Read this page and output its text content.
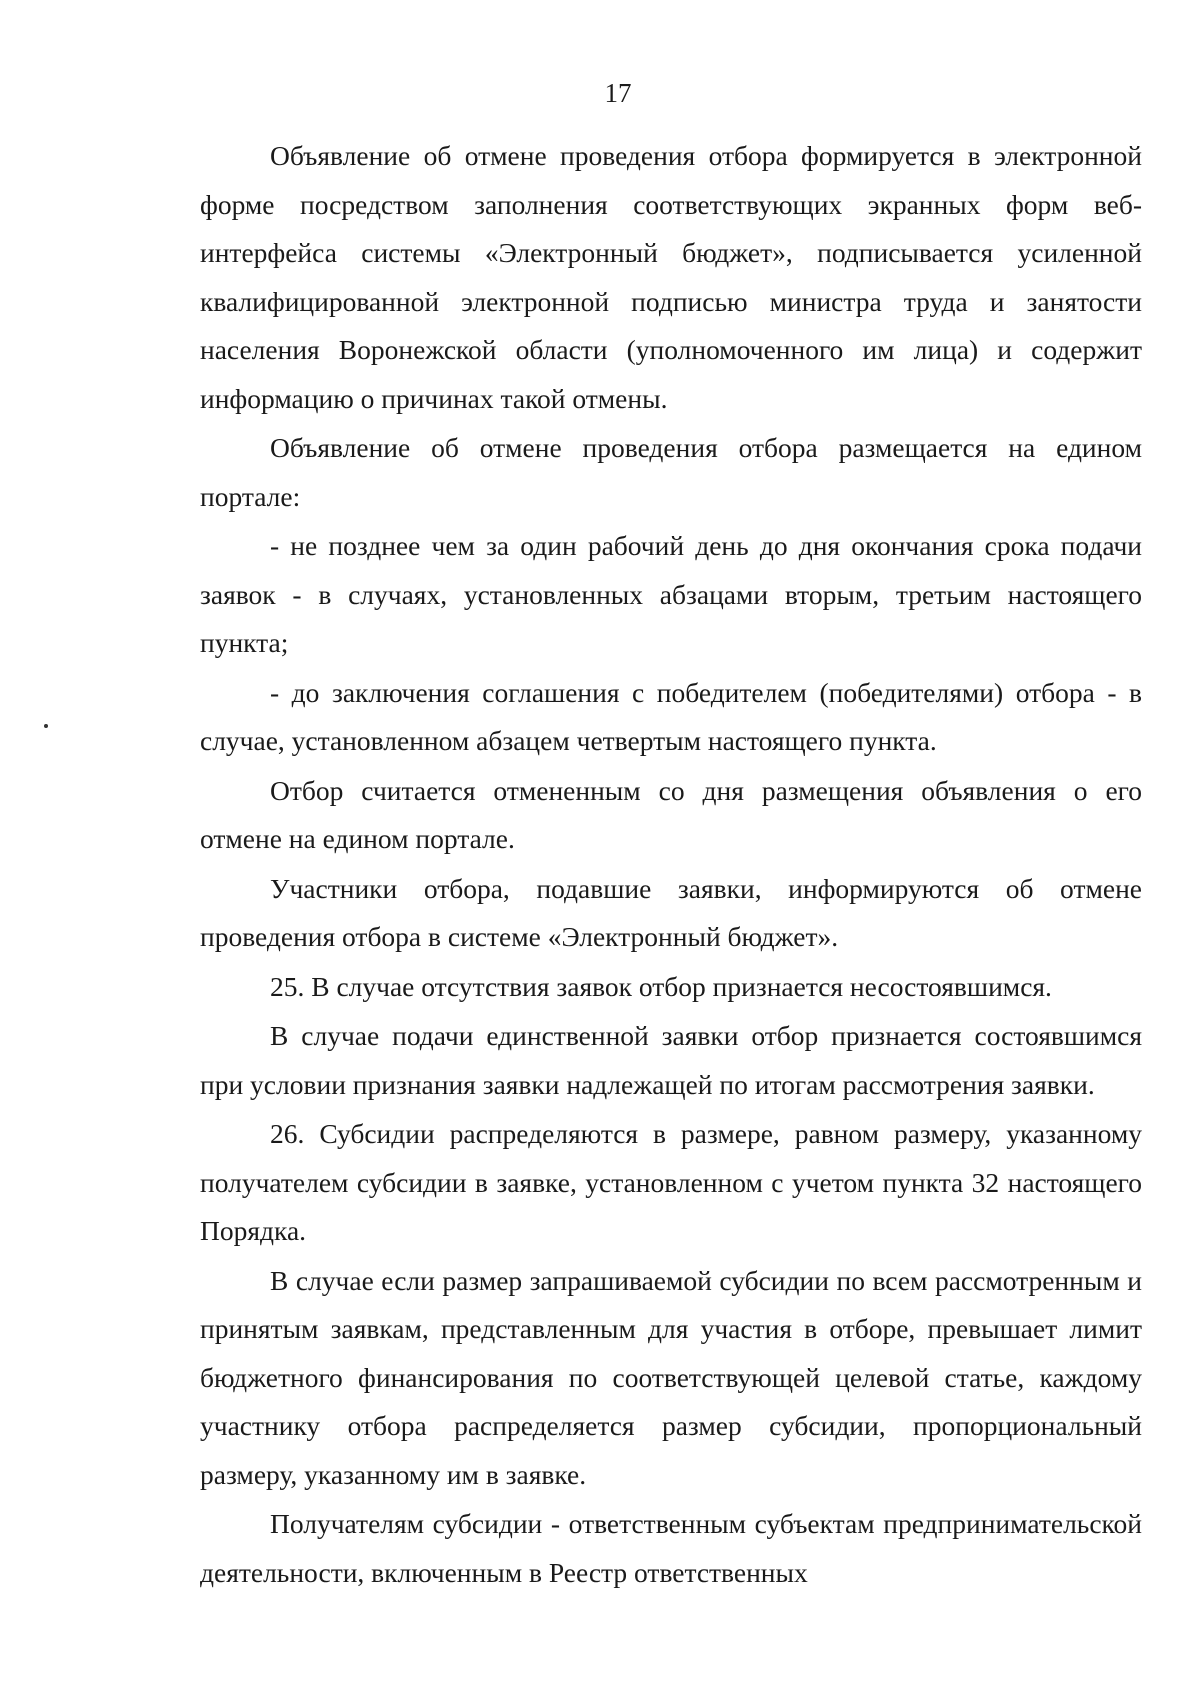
17

Объявление об отмене проведения отбора формируется в электронной форме посредством заполнения соответствующих экранных форм веб-интерфейса системы «Электронный бюджет», подписывается усиленной квалифицированной электронной подписью министра труда и занятости населения Воронежской области (уполномоченного им лица) и содержит информацию о причинах такой отмены.

Объявление об отмене проведения отбора размещается на едином портале:

- не позднее чем за один рабочий день до дня окончания срока подачи заявок - в случаях, установленных абзацами вторым, третьим настоящего пункта;

- до заключения соглашения с победителем (победителями) отбора - в случае, установленном абзацем четвертым настоящего пункта.

Отбор считается отмененным со дня размещения объявления о его отмене на едином портале.

Участники отбора, подавшие заявки, информируются об отмене проведения отбора в системе «Электронный бюджет».

25. В случае отсутствия заявок отбор признается несостоявшимся.

В случае подачи единственной заявки отбор признается состоявшимся при условии признания заявки надлежащей по итогам рассмотрения заявки.

26. Субсидии распределяются в размере, равном размеру, указанному получателем субсидии в заявке, установленном с учетом пункта 32 настоящего Порядка.

В случае если размер запрашиваемой субсидии по всем рассмотренным и принятым заявкам, представленным для участия в отборе, превышает лимит бюджетного финансирования по соответствующей целевой статье, каждому участнику отбора распределяется размер субсидии, пропорциональный размеру, указанному им в заявке.

Получателям субсидии - ответственным субъектам предпринимательской деятельности, включенным в Реестр ответственных
